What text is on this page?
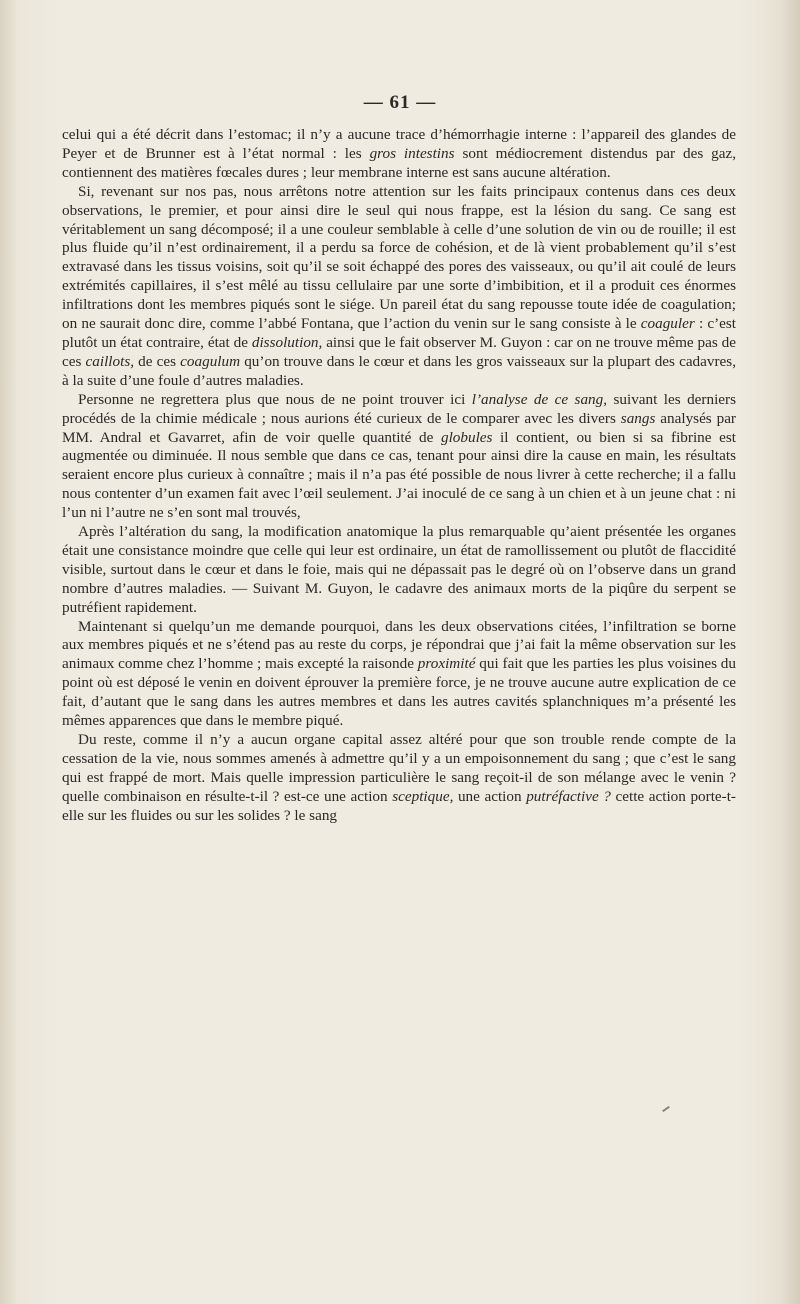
— 61 —

celui qui a été décrit dans l’estomac; il n’y a aucune trace d’hémorrhagie interne : l’appareil des glandes de Peyer et de Brunner est à l’état normal : les gros intestins sont médiocrement distendus par des gaz, contiennent des matières fœcales dures ; leur membrane interne est sans aucune altération.

Si, revenant sur nos pas, nous arrêtons notre attention sur les faits principaux contenus dans ces deux observations, le premier, et pour ainsi dire le seul qui nous frappe, est la lésion du sang. Ce sang est véritablement un sang décomposé; il a une couleur semblable à celle d’une solution de vin ou de rouille; il est plus fluide qu’il n’est ordinairement, il a perdu sa force de cohésion, et de là vient probablement qu’il s’est extravasé dans les tissus voisins, soit qu’il se soit échappé des pores des vaisseaux, ou qu’il ait coulé de leurs extrémités capillaires, il s’est mêlé au tissu cellulaire par une sorte d’imbibition, et il a produit ces énormes infiltrations dont les membres piqués sont le siége. Un pareil état du sang repousse toute idée de coagulation; on ne saurait donc dire, comme l’abbé Fontana, que l’action du venin sur le sang consiste à le coaguler : c’est plutôt un état contraire, état de dissolution, ainsi que le fait observer M. Guyon : car on ne trouve même pas de ces caillots, de ces coagulum qu’on trouve dans le cœur et dans les gros vaisseaux sur la plupart des cadavres, à la suite d’une foule d’autres maladies.

Personne ne regrettera plus que nous de ne point trouver ici l’analyse de ce sang, suivant les derniers procédés de la chimie médicale ; nous aurions été curieux de le comparer avec les divers sangs analysés par MM. Andral et Gavarret, afin de voir quelle quantité de globules il contient, ou bien si sa fibrine est augmentée ou diminuée. Il nous semble que dans ce cas, tenant pour ainsi dire la cause en main, les résultats seraient encore plus curieux à connaître ; mais il n’a pas été possible de nous livrer à cette recherche; il a fallu nous contenter d’un examen fait avec l’œil seulement. J’ai inoculé de ce sang à un chien et à un jeune chat : ni l’un ni l’autre ne s’en sont mal trouvés,

Après l’altération du sang, la modification anatomique la plus remarquable qu’aient présentée les organes était une consistance moindre que celle qui leur est ordinaire, un état de ramollissement ou plutôt de flaccidité visible, surtout dans le cœur et dans le foie, mais qui ne dépassait pas le degré où on l’observe dans un grand nombre d’autres maladies. — Suivant M. Guyon, le cadavre des animaux morts de la piqûre du serpent se putréfient rapidement.

Maintenant si quelqu’un me demande pourquoi, dans les deux observations citées, l’infiltration se borne aux membres piqués et ne s’étend pas au reste du corps, je répondrai que j’ai fait la même observation sur les animaux comme chez l’homme ; mais excepté la raisonde proximité qui fait que les parties les plus voisines du point où est déposé le venin en doivent éprouver la première force, je ne trouve aucune autre explication de ce fait, d’autant que le sang dans les autres membres et dans les autres cavités splanchniques m’a présenté les mêmes apparences que dans le membre piqué.

Du reste, comme il n’y a aucun organe capital assez altéré pour que son trouble rende compte de la cessation de la vie, nous sommes amenés à admettre qu’il y a un empoisonnement du sang ; que c’est le sang qui est frappé de mort. Mais quelle impression particulière le sang reçoit-il de son mélange avec le venin ? quelle combinaison en résulte-t-il ? est-ce une action sceptique, une action putréfactive ? cette action porte-t-elle sur les fluides ou sur les solides ? le sang
